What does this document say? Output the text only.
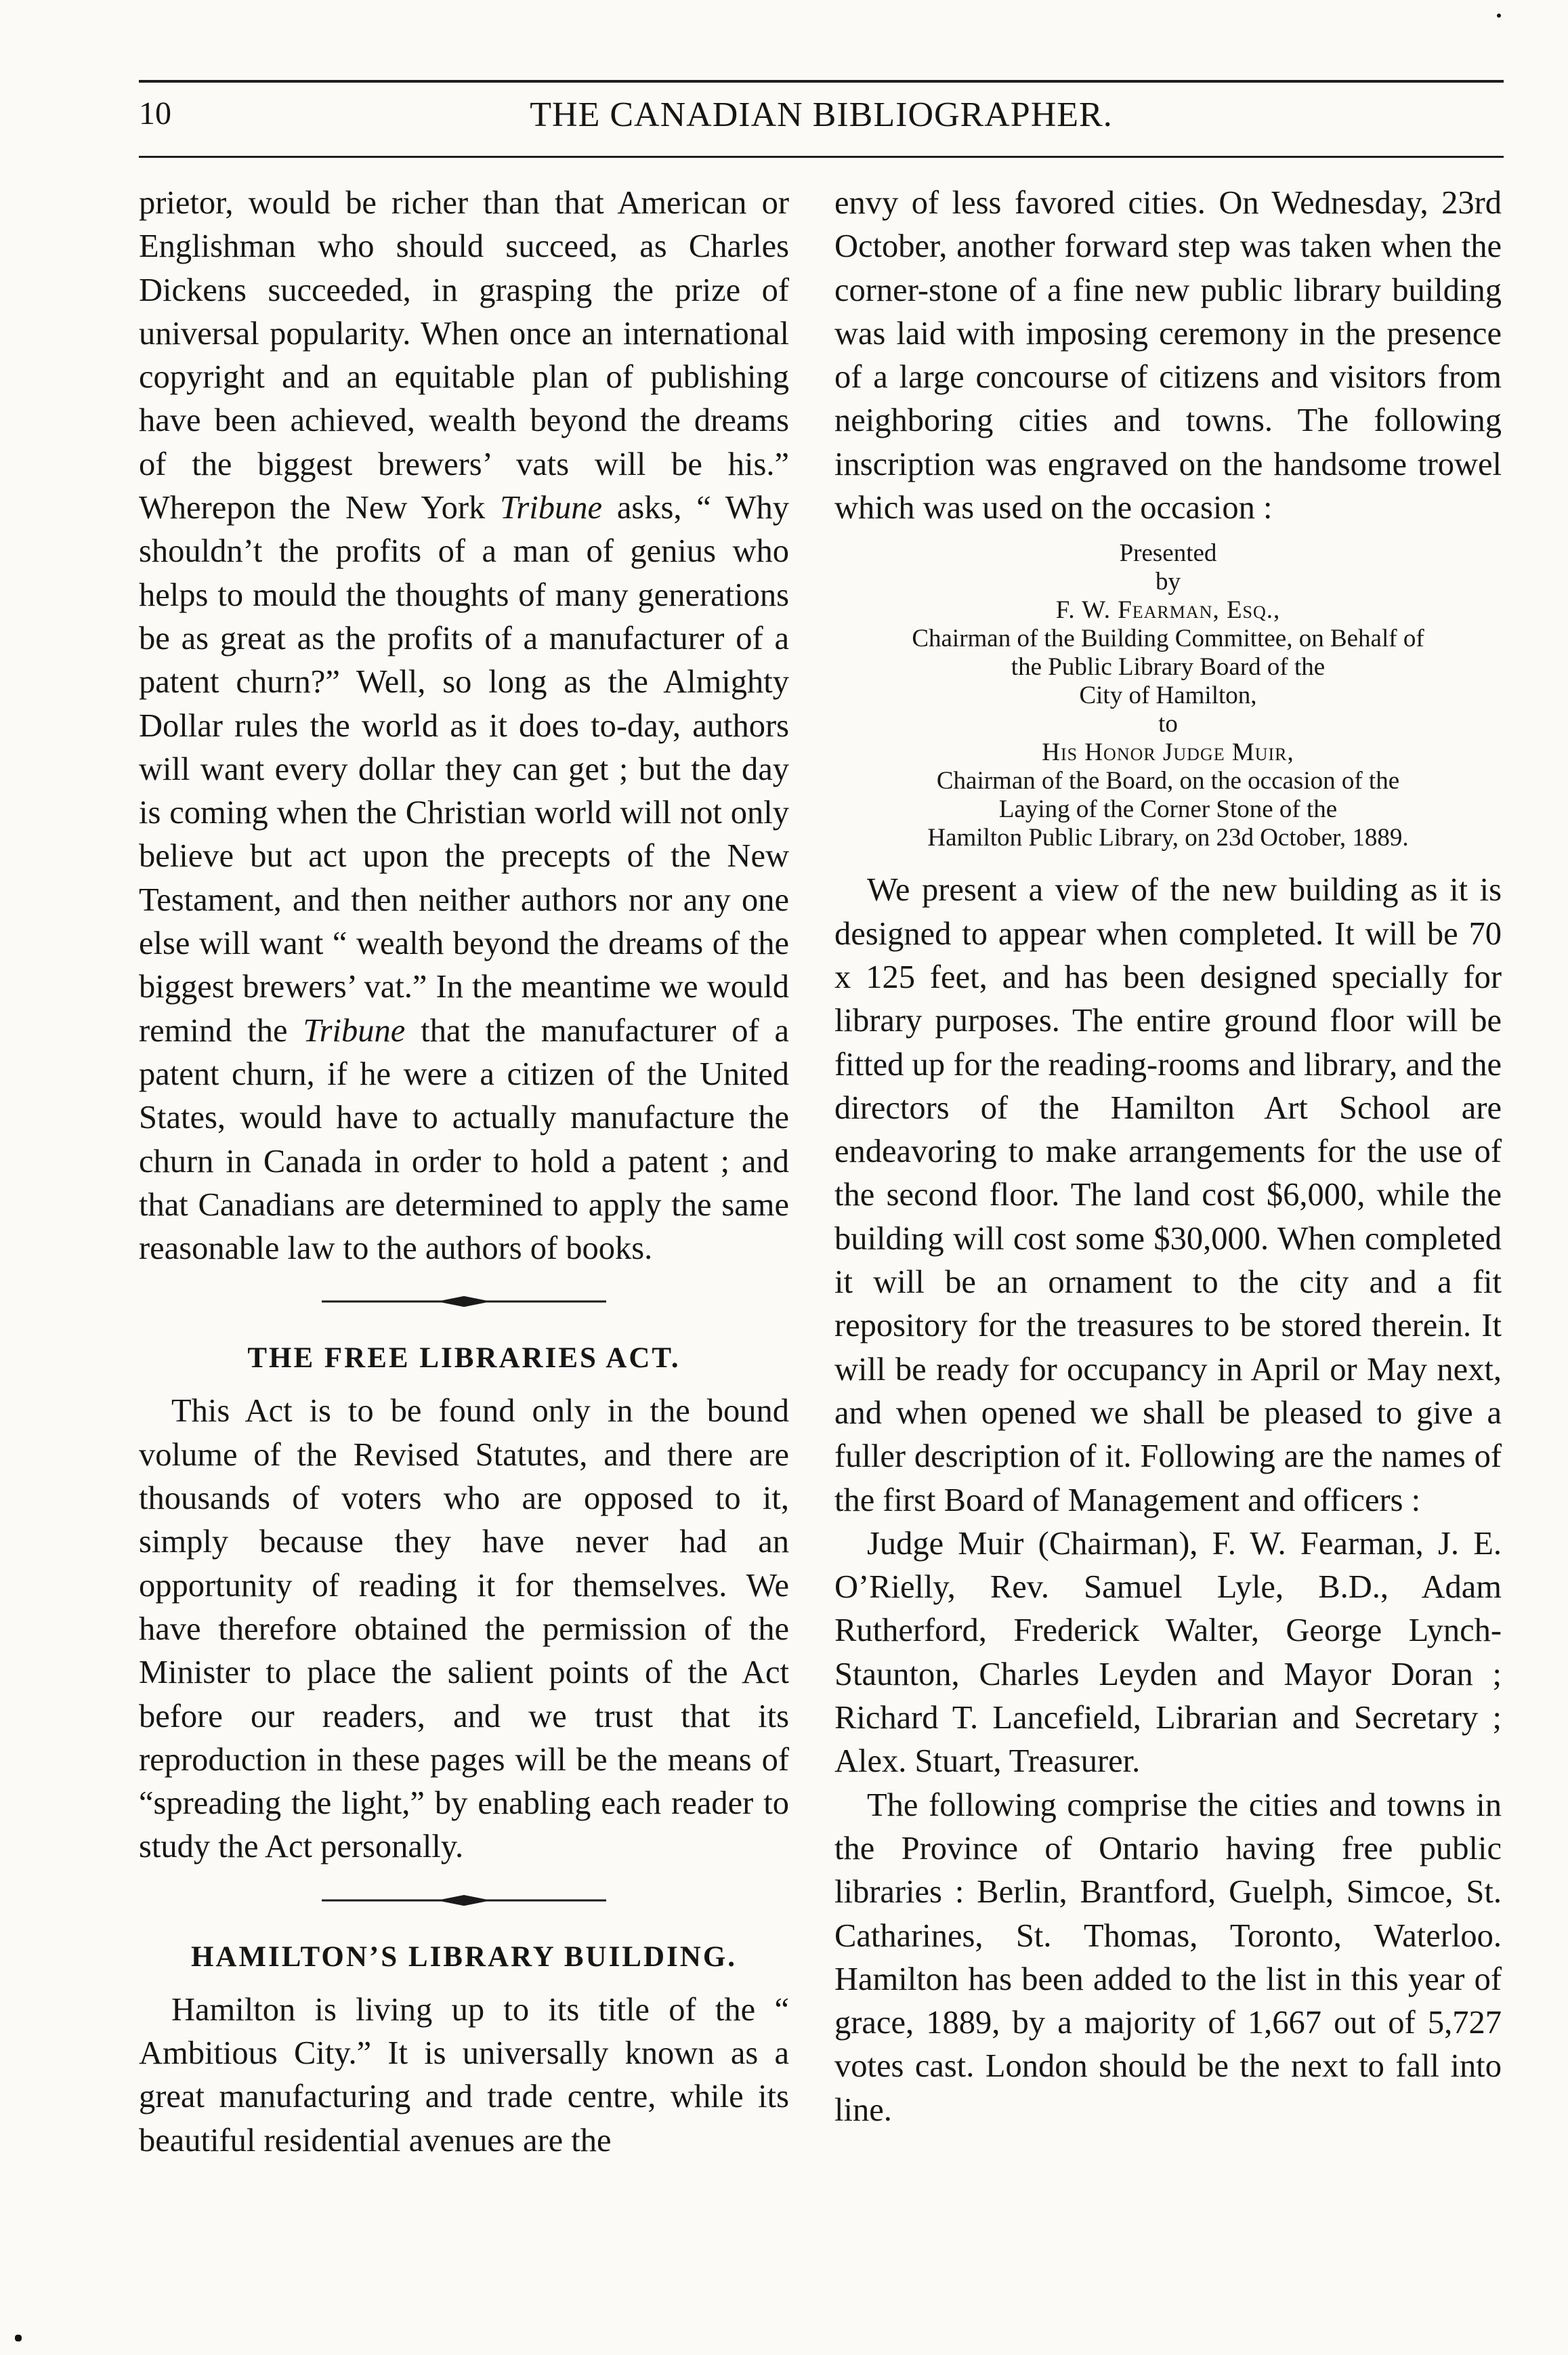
10	THE CANADIAN BIBLIOGRAPHER.

prietor, would be richer than that American or Englishman who should succeed, as Charles Dickens succeeded, in grasping the prize of universal popularity. When once an international copyright and an equitable plan of publishing have been achieved, wealth beyond the dreams of the biggest brewers’ vats will be his.” Wherepon the New York Tribune asks, “ Why shouldn’t the profits of a man of genius who helps to mould the thoughts of many generations be as great as the profits of a manufacturer of a patent churn?” Well, so long as the Almighty Dollar rules the world as it does to-day, authors will want every dollar they can get ; but the day is coming when the Christian world will not only believe but act upon the precepts of the New Testament, and then neither authors nor any one else will want “ wealth beyond the dreams of the biggest brewers’ vat.” In the meantime we would remind the Tribune that the manufacturer of a patent churn, if he were a citizen of the United States, would have to actually manufacture the churn in Canada in order to hold a patent ; and that Canadians are determined to apply the same reasonable law to the authors of books.

THE FREE LIBRARIES ACT.

This Act is to be found only in the bound volume of the Revised Statutes, and there are thousands of voters who are opposed to it, simply because they have never had an opportunity of reading it for themselves. We have therefore obtained the permission of the Minister to place the salient points of the Act before our readers, and we trust that its reproduction in these pages will be the means of “spreading the light,” by enabling each reader to study the Act personally.

HAMILTON’S LIBRARY BUILDING.

Hamilton is living up to its title of the “ Ambitious City.” It is universally known as a great manufacturing and trade centre, while its beautiful residential avenues are the

envy of less favored cities. On Wednesday, 23rd October, another forward step was taken when the corner-stone of a fine new public library building was laid with imposing ceremony in the presence of a large concourse of citizens and visitors from neighboring cities and towns. The following inscription was engraved on the handsome trowel which was used on the occasion :

Presented
by
F. W. Fearman, Esq.,
Chairman of the Building Committee, on Behalf of
the Public Library Board of the
City of Hamilton,
to
His Honor Judge Muir,
Chairman of the Board, on the occasion of the
Laying of the Corner Stone of the
Hamilton Public Library, on 23d October, 1889.

We present a view of the new building as it is designed to appear when completed. It will be 70 x 125 feet, and has been designed specially for library purposes. The entire ground floor will be fitted up for the reading-rooms and library, and the directors of the Hamilton Art School are endeavoring to make arrangements for the use of the second floor. The land cost $6,000, while the building will cost some $30,000. When completed it will be an ornament to the city and a fit repository for the treasures to be stored therein. It will be ready for occupancy in April or May next, and when opened we shall be pleased to give a fuller description of it. Following are the names of the first Board of Management and officers :

Judge Muir (Chairman), F. W. Fearman, J. E. O’Rielly, Rev. Samuel Lyle, B.D., Adam Rutherford, Frederick Walter, George Lynch-Staunton, Charles Leyden and Mayor Doran ; Richard T. Lancefield, Librarian and Secretary ; Alex. Stuart, Treasurer.

The following comprise the cities and towns in the Province of Ontario having free public libraries : Berlin, Brantford, Guelph, Simcoe, St. Catharines, St. Thomas, Toronto, Waterloo. Hamilton has been added to the list in this year of grace, 1889, by a majority of 1,667 out of 5,727 votes cast. London should be the next to fall into line.
